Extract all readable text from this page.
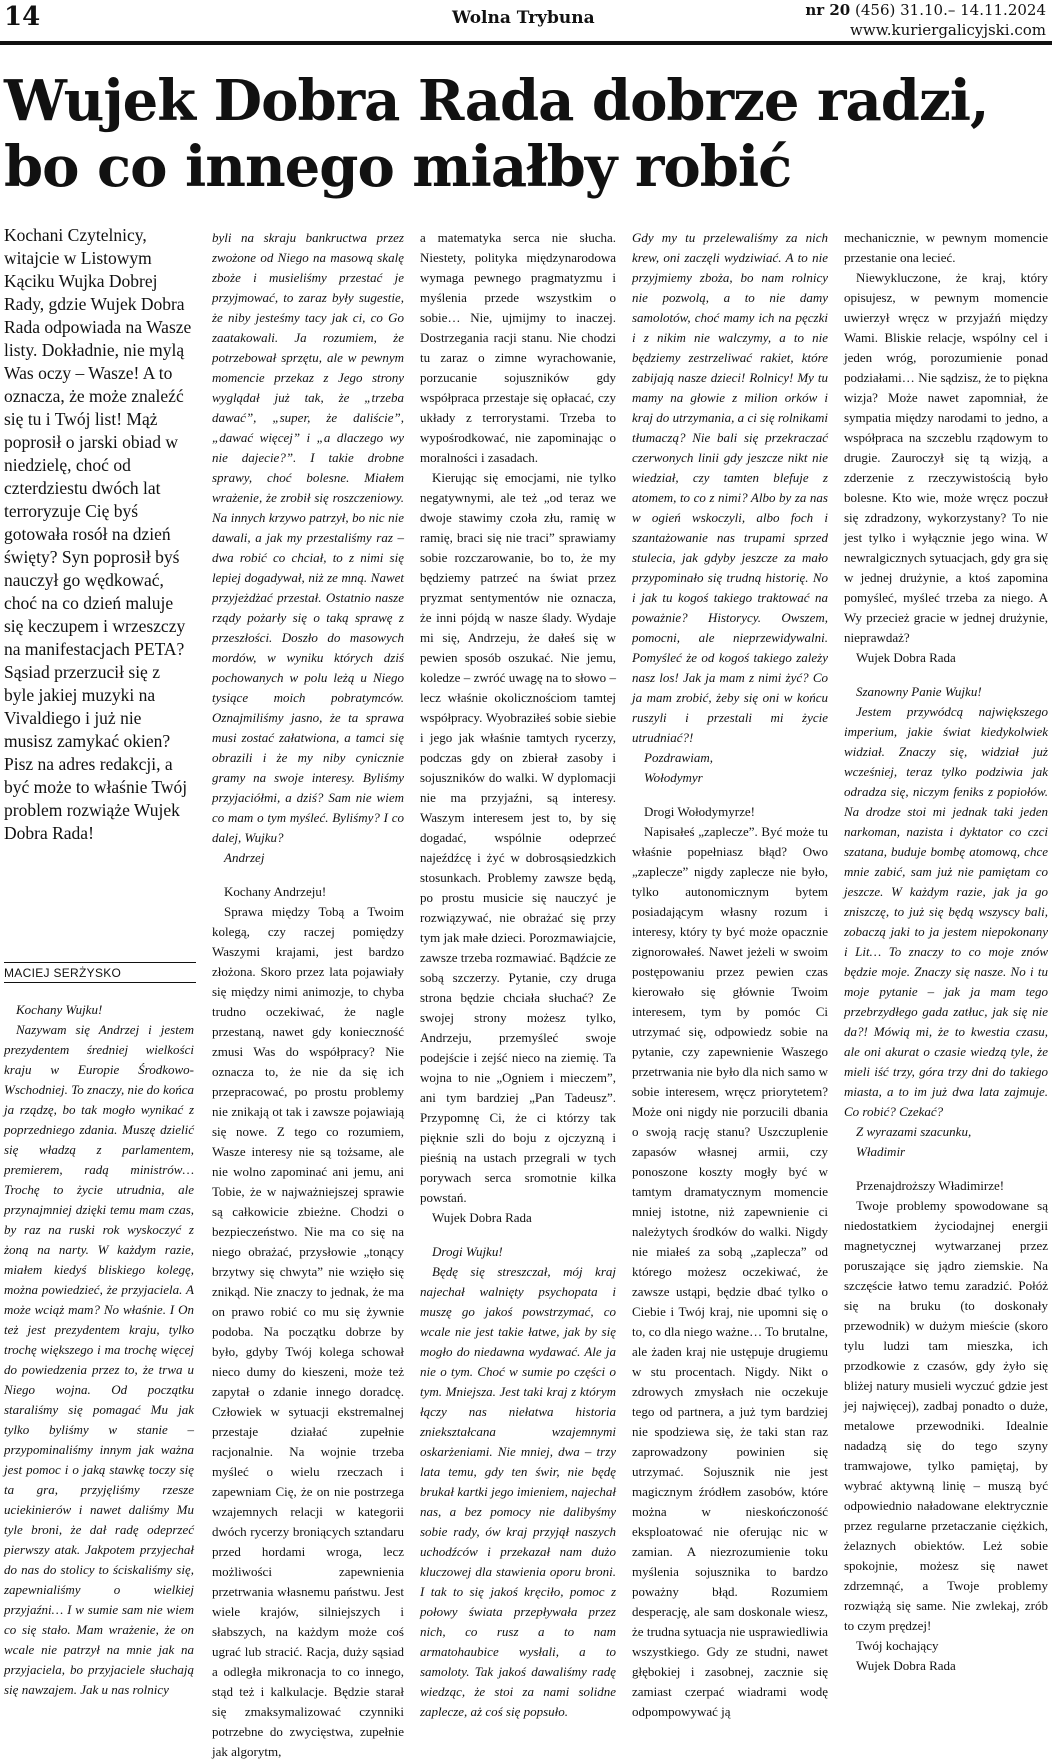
14	Wolna Trybuna	nr 20 (456) 31.10.– 14.11.2024
www.kuriergalicyjski.com
Wujek Dobra Rada dobrze radzi, bo co innego miałby robić

Kochani Czytelnicy, witajcie w Listowym Kąciku Wujka Dobrej Rady, gdzie Wujek Dobra Rada odpowiada na Wasze listy. Dokładnie, nie mylą Was oczy – Wasze! A to oznacza, że może znaleźć się tu i Twój list! Mąż poprosił o jarski obiad w niedzielę, choć od czterdziestu dwóch lat terroryzuje Cię byś gotowała rosół na dzień święty? Syn poprosił byś nauczył go wędkować, choć na co dzień maluje się keczupem i wrzeszczy na manifestacjach PETA? Sąsiad przerzucił się z byle jakiej muzyki na Vivaldiego i już nie musisz zamykać okien? Pisz na adres redakcji, a być może to właśnie Twój problem rozwiąże Wujek Dobra Rada!

MACIEJ SERŻYSKO

Kochany Wujku!

Nazywam się Andrzej i jestem prezydentem średniej wielkości kraju w Europie Środkowo-Wschodniej. To znaczy, nie do końca ja rządzę, bo tak mogło wynikać z poprzedniego zdania. Muszę dzielić się władzą z parlamentem, premierem, radą ministrów… Trochę to życie utrudnia, ale przynajmniej dzięki temu mam czas, by raz na ruski rok wyskoczyć z żoną na narty. W każdym razie, miałem kiedyś bliskiego kolegę, można powiedzieć, że przyjaciela. A może wciąż mam? No właśnie. I On też jest prezydentem kraju, tylko trochę większego i ma trochę więcej do powiedzenia przez to, że trwa u Niego wojna. Od początku staraliśmy się pomagać Mu jak tylko byliśmy w stanie – przypominaliśmy innym jak ważna jest pomoc i o jaką stawkę toczy się ta gra, przyjęliśmy rzesze uciekinierów i nawet daliśmy Mu tyle broni, że dał radę odeprzeć pierwszy atak. Jakpotem przyjechał do nas do stolicy to ściskaliśmy się, zapewnialiśmy o wielkiej przyjaźni… I w sumie sam nie wiem co się stało. Mam wrażenie, że on wcale nie patrzył na mnie jak na przyjaciela, bo przyjaciele słuchają się nawzajem. Jak u nas rolnicy

byli na skraju bankructwa przez zwożone od Niego na masową skalę zboże i musieliśmy przestać je przyjmować, to zaraz były sugestie, że niby jesteśmy tacy jak ci, co Go zaatakowali. Ja rozumiem, że potrzebował sprzętu, ale w pewnym momencie przekaz z Jego strony wyglądał już tak, że „trzeba dawać”, „super, że daliście”, „dawać więcej” i „a dlaczego wy nie dajecie?”. I takie drobne sprawy, choć bolesne. Miałem wrażenie, że zrobił się roszczeniowy. Na innych krzywo patrzył, bo nic nie dawali, a jak my przestaliśmy raz – dwa robić co chciał, to z nimi się lepiej dogadywał, niż ze mną. Nawet przyjeżdżać przestał. Ostatnio nasze rządy pożarły się o taką sprawę z przeszłości. Doszło do masowych mordów, w wyniku których dziś pochowanych w polu leżą u Niego tysiące moich pobratymców. Oznajmiliśmy jasno, że ta sprawa musi zostać załatwiona, a tamci się obrazili i że my niby cynicznie gramy na swoje interesy. Byliśmy przyjaciółmi, a dziś? Sam nie wiem co mam o tym myśleć. Byliśmy? I co dalej, Wujku?

Andrzej

Kochany Andrzeju!

Sprawa między Tobą a Twoim kolegą, czy raczej pomiędzy Waszymi krajami, jest bardzo złożona. Skoro przez lata pojawiały się między nimi animozje, to chyba trudno oczekiwać, że nagle przestaną, nawet gdy konieczność zmusi Was do współpracy? Nie oznacza to, że nie da się ich przepracować, po prostu problemy nie znikają ot tak i zawsze pojawiają się nowe. Z tego co rozumiem, Wasze interesy nie są tożsame, ale nie wolno zapominać ani jemu, ani Tobie, że w najważniejszej sprawie są całkowicie zbieżne. Chodzi o bezpieczeństwo. Nie ma co się na niego obrażać, przysłowie „tonący brzytwy się chwyta” nie wzięło się znikąd. Nie znaczy to jednak, że ma on prawo robić co mu się żywnie podoba. Na początku dobrze by było, gdyby Twój kolega schował nieco dumy do kieszeni, może też zapytał o zdanie innego doradcę. Człowiek w sytuacji ekstremalnej przestaje działać zupełnie racjonalnie. Na wojnie trzeba myśleć o wielu rzeczach i zapewniam Cię, że on nie postrzega wzajemnych relacji w kategorii dwóch rycerzy broniących sztandaru przed hordami wroga, lecz możliwości zapewnienia przetrwania własnemu państwu. Jest wiele krajów, silniejszych i słabszych, na każdym może coś ugrać lub stracić. Racja, duży sąsiad a odległa mikronacja to co innego, stąd też i kalkulacje. Będzie starał się zmaksymalizować czynniki potrzebne do zwycięstwa, zupełnie jak algorytm,

a matematyka serca nie słucha. Niestety, polityka międzynarodowa wymaga pewnego pragmatyzmu i myślenia przede wszystkim o sobie… Nie, ujmijmy to inaczej. Dostrzegania racji stanu. Nie chodzi tu zaraz o zimne wyrachowanie, porzucanie sojuszników gdy współpraca przestaje się opłacać, czy układy z terrorystami. Trzeba to wypośrodkować, nie zapominając o moralności i zasadach.

Kierując się emocjami, nie tylko negatywnymi, ale też „od teraz we dwoje stawimy czoła złu, ramię w ramię, braci się nie traci” sprawiamy sobie rozczarowanie, bo to, że my będziemy patrzeć na świat przez pryzmat sentymentów nie oznacza, że inni pójdą w nasze ślady. Wydaje mi się, Andrzeju, że dałeś się w pewien sposób oszukać. Nie jemu, koledze – zwróć uwagę na to słowo – lecz właśnie okolicznościom tamtej współpracy. Wyobraziłeś sobie siebie i jego jak właśnie tamtych rycerzy, podczas gdy on zbierał zasoby i sojuszników do walki. W dyplomacji nie ma przyjaźni, są interesy. Waszym interesem jest to, by się dogadać, wspólnie odeprzeć najeźdźcę i żyć w dobrosąsiedzkich stosunkach. Problemy zawsze będą, po prostu musicie się nauczyć je rozwiązywać, nie obrażać się przy tym jak małe dzieci. Porozmawiajcie, zawsze trzeba rozmawiać. Bądźcie ze sobą szczerzy. Pytanie, czy druga strona będzie chciała słuchać? Ze swojej strony możesz tylko, Andrzeju, przemyśleć swoje podejście i zejść nieco na ziemię. Ta wojna to nie „Ogniem i mieczem”, ani tym bardziej „Pan Tadeusz”. Przypomnę Ci, że ci którzy tak pięknie szli do boju z ojczyzną i pieśnią na ustach przegrali w tych porywach serca sromotnie kilka powstań.

Wujek Dobra Rada

Drogi Wujku!

Będę się streszczał, mój kraj najechał walnięty psychopata i muszę go jakoś powstrzymać, co wcale nie jest takie łatwe, jak by się mogło do niedawna wydawać. Ale ja nie o tym. Choć w sumie po części o tym. Mniejsza. Jest taki kraj z którym łączy nas niełatwa historia zniekształcana wzajemnymi oskarżeniami. Nie mniej, dwa – trzy lata temu, gdy ten świr, nie będę brukał kartki jego imieniem, najechał nas, a bez pomocy nie dalibyśmy sobie rady, ów kraj przyjął naszych uchodźców i przekazał nam dużo kluczowej dla stawienia oporu broni. I tak to się jakoś kręciło, pomoc z połowy świata przepływała przez nich, co rusz a to nam armatohaubice wysłali, a to samoloty. Tak jakoś dawaliśmy radę wiedząc, że stoi za nami solidne zaplecze, aż coś się popsuło.

Gdy my tu przelewaliśmy za nich krew, oni zaczęli wydziwiać. A to nie przyjmiemy zboża, bo nam rolnicy nie pozwolą, a to nie damy samolotów, choć mamy ich na pęczki i z nikim nie walczymy, a to nie będziemy zestrzeliwać rakiet, które zabijają nasze dzieci! Rolnicy! My tu mamy na głowie z milion orków i kraj do utrzymania, a ci się rolnikami tłumaczą? Nie bali się przekraczać czerwonych linii gdy jeszcze nikt nie wiedział, czy tamten blefuje z atomem, to co z nimi? Albo by za nas w ogień wskoczyli, albo foch i szantażowanie nas trupami sprzed stulecia, jak gdyby jeszcze za mało przypominało się trudną historię. No i jak tu kogoś takiego traktować na poważnie? Historycy. Owszem, pomocni, ale nieprzewidywalni. Pomyśleć że od kogoś takiego zależy nasz los! Jak ja mam z nimi żyć? Co ja mam zrobić, żeby się oni w końcu ruszyli i przestali mi życie utrudniać?!

Pozdrawiam,

Wołodymyr

Drogi Wołodymyrze!

Napisałeś „zaplecze”. Być może tu właśnie popełniasz błąd? Owo „zaplecze” nigdy zaplecze nie było, tylko autonomicznym bytem posiadającym własny rozum i interesy, który ty być może opacznie zignorowałeś. Nawet jeżeli w swoim postępowaniu przez pewien czas kierowało się głównie Twoim interesem, tym by pomóc Ci utrzymać się, odpowiedz sobie na pytanie, czy zapewnienie Waszego przetrwania nie było dla nich samo w sobie interesem, wręcz priorytetem? Może oni nigdy nie porzucili dbania o swoją rację stanu? Uszczuplenie zapasów własnej armii, czy ponoszone koszty mogły być w tamtym dramatycznym momencie mniej istotne, niż zapewnienie ci należytych środków do walki. Nigdy nie miałeś za sobą „zaplecza” od którego możesz oczekiwać, że zawsze ustąpi, będzie dbać tylko o Ciebie i Twój kraj, nie upomni się o to, co dla niego ważne… To brutalne, ale żaden kraj nie ustępuje drugiemu w stu procentach. Nigdy. Nikt o zdrowych zmysłach nie oczekuje tego od partnera, a już tym bardziej nie spodziewa się, że taki stan raz zaprowadzony powinien się utrzymać. Sojusznik nie jest magicznym źródłem zasobów, które można w nieskończoność eksploatować nie oferując nic w zamian. A niezrozumienie toku myślenia sojusznika to bardzo poważny błąd. Rozumiem desperację, ale sam doskonale wiesz, że trudna sytuacja nie usprawiedliwia wszystkiego. Gdy ze studni, nawet głębokiej i zasobnej, zacznie się zamiast czerpać wiadrami wodę odpompowywać ją

mechanicznie, w pewnym momencie przestanie ona lecieć.

Niewykluczone, że kraj, który opisujesz, w pewnym momencie uwierzył wręcz w przyjaźń między Wami. Bliskie relacje, wspólny cel i jeden wróg, porozumienie ponad podziałami… Nie sądzisz, że to piękna wizja? Może nawet zapomniał, że sympatia między narodami to jedno, a współpraca na szczeblu rządowym to drugie. Zauroczył się tą wizją, a zderzenie z rzeczywistością było bolesne. Kto wie, może wręcz poczuł się zdradzony, wykorzystany? To nie jest tylko i wyłącznie jego wina. W newralgicznych sytuacjach, gdy gra się w jednej drużynie, a ktoś zapomina pomyśleć, myśleć trzeba za niego. A Wy przecież gracie w jednej drużynie, nieprawdaż?

Wujek Dobra Rada

Szanowny Panie Wujku!

Jestem przywódcą największego imperium, jakie świat kiedykolwiek widział. Znaczy się, widział już wcześniej, teraz tylko podziwia jak odradza się, niczym feniks z popiołów. Na drodze stoi mi jednak taki jeden narkoman, nazista i dyktator co czci szatana, buduje bombę atomową, chce mnie zabić, sam już nie pamiętam co jeszcze. W każdym razie, jak ja go zniszczę, to już się będą wszyscy bali, zobaczą jaki to ja jestem niepokonany i Lit… To znaczy to co moje znów będzie moje. Znaczy się nasze. No i tu moje pytanie – jak ja mam tego przebrzydłego gada zatłuc, jak się nie da?! Mówią mi, że to kwestia czasu, ale oni akurat o czasie wiedzą tyle, że mieli iść trzy, góra trzy dni do takiego miasta, a to im już dwa lata zajmuje. Co robić? Czekać?

Z wyrazami szacunku,

Władimir

Przenajdroższy Władimirze!

Twoje problemy spowodowane są niedostatkiem życiodajnej energii magnetycznej wytwarzanej przez poruszające się jądro ziemskie. Na szczęście łatwo temu zaradzić. Połóż się na bruku (to doskonały przewodnik) w dużym mieście (skoro tylu ludzi tam mieszka, ich przodkowie z czasów, gdy żyło się bliżej natury musieli wyczuć gdzie jest jej najwięcej), zadbaj ponadto o duże, metalowe przewodniki. Idealnie nadadzą się do tego szyny tramwajowe, tylko pamiętaj, by wybrać aktywną linię – muszą być odpowiednio naładowane elektrycznie przez regularne przetaczanie ciężkich, żelaznych obiektów. Leż sobie spokojnie, możesz się nawet zdrzemnąć, a Twoje problemy rozwiążą się same. Nie zwlekaj, zrób to czym prędzej!

Twój kochający

Wujek Dobra Rada
